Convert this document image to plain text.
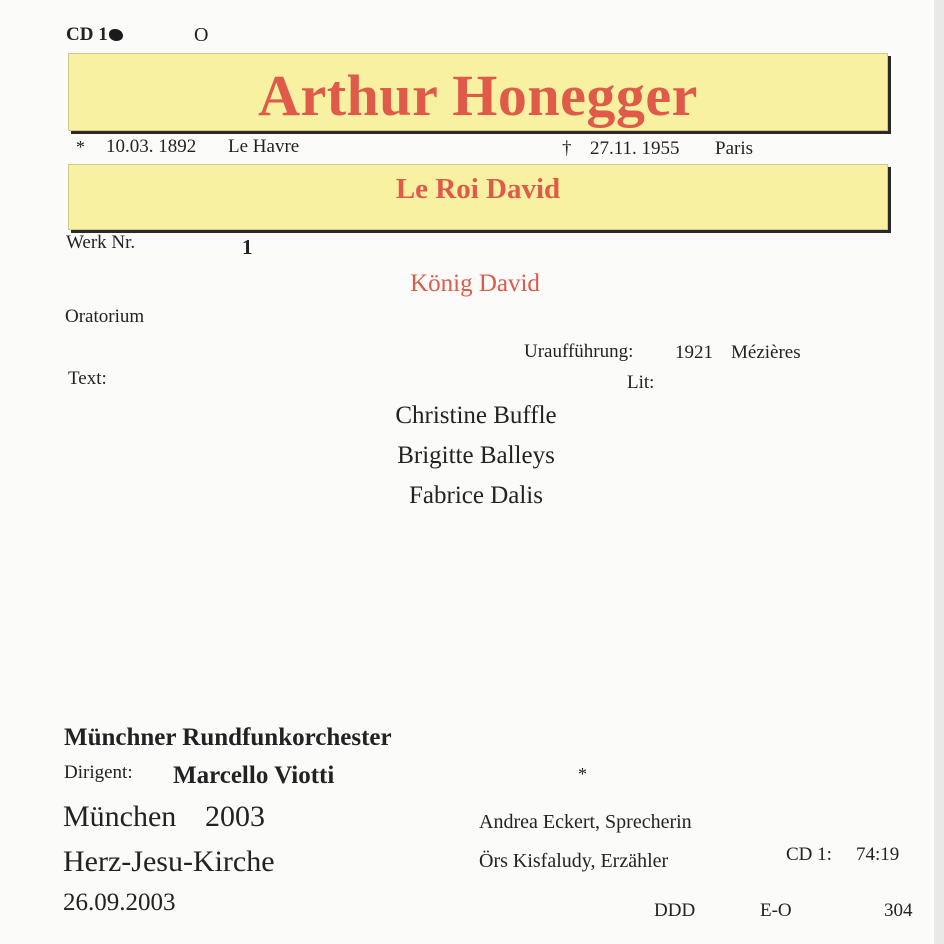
CD 1	O
Arthur Honegger
* 10.03. 1892 Le Havre	† 27.11. 1955 Paris
Le Roi David
Werk Nr.	1
König David
Oratorium
Uraufführung: 1921 Mézières
Text:	Lit:
Christine Buffle
Brigitte Balleys
Fabrice Dalis
Münchner Rundfunkorchester
Dirigent: Marcello Viotti	*
München 2003
Herz-Jesu-Kirche
26.09.2003
Andrea Eckert, Sprecherin
Örs Kisfaludy, Erzähler	CD 1: 74:19
DDD	E-O	304
